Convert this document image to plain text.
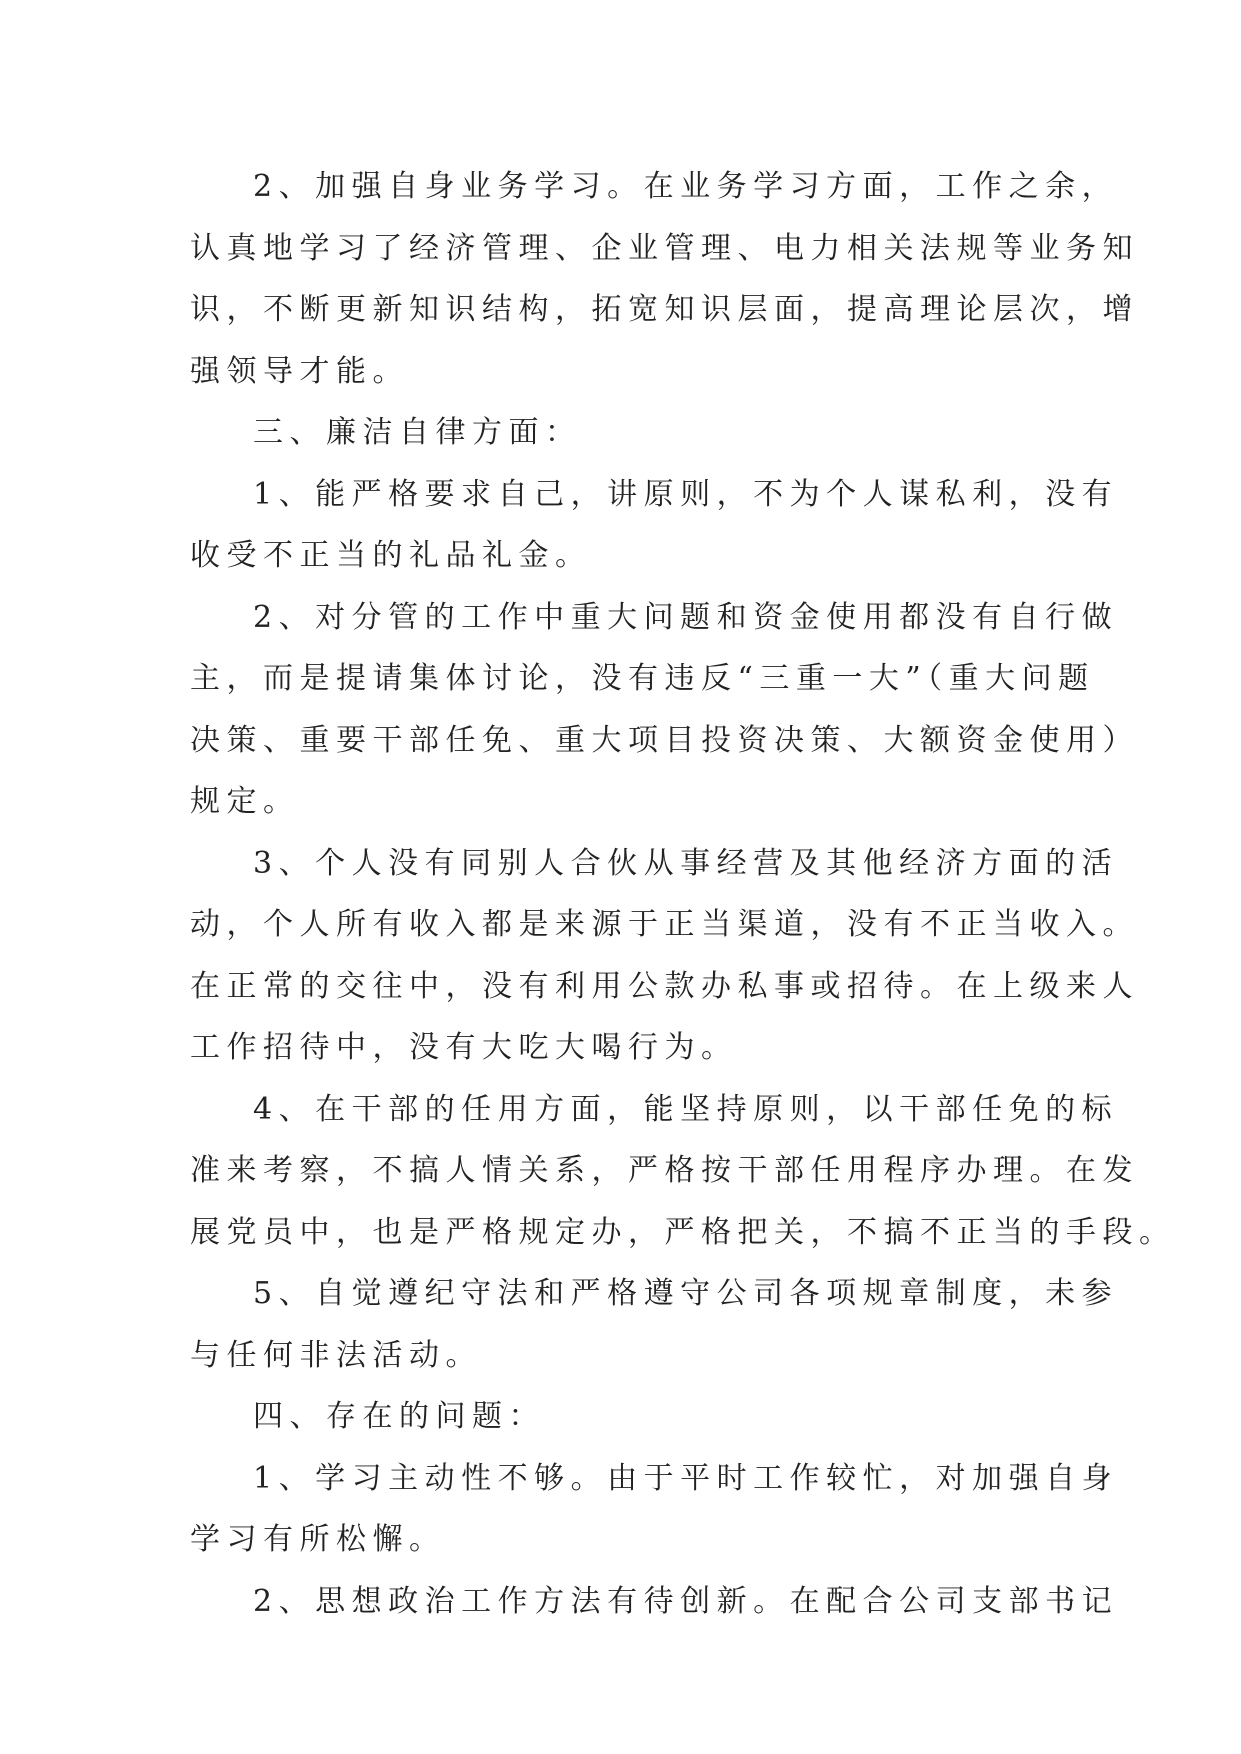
2、加强自身业务学习。在业务学习方面，工作之余，
认真地学习了经济管理、企业管理、电力相关法规等业务知
识，不断更新知识结构，拓宽知识层面，提高理论层次，增
强领导才能。
三、廉洁自律方面：
1、能严格要求自己，讲原则，不为个人谋私利，没有
收受不正当的礼品礼金。
2、对分管的工作中重大问题和资金使用都没有自行做
主，而是提请集体讨论，没有违反“三重一大”（重大问题
决策、重要干部任免、重大项目投资决策、大额资金使用）
规定。
3、个人没有同别人合伙从事经营及其他经济方面的活
动，个人所有收入都是来源于正当渠道，没有不正当收入。
在正常的交往中，没有利用公款办私事或招待。在上级来人
工作招待中，没有大吃大喝行为。
4、在干部的任用方面，能坚持原则，以干部任免的标
准来考察，不搞人情关系，严格按干部任用程序办理。在发
展党员中，也是严格规定办，严格把关，不搞不正当的手段。
5、自觉遵纪守法和严格遵守公司各项规章制度，未参
与任何非法活动。
四、存在的问题：
1、学习主动性不够。由于平时工作较忙，对加强自身
学习有所松懈。
2、思想政治工作方法有待创新。在配合公司支部书记
